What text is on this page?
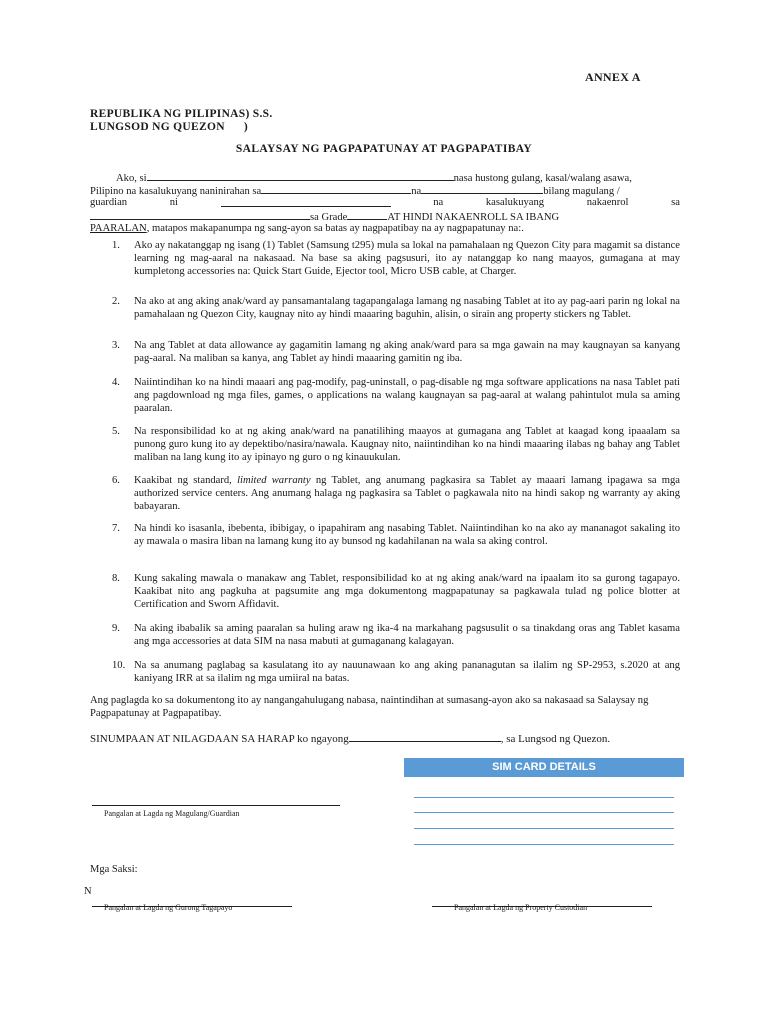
ANNEX A
REPUBLIKA NG PILIPINAS) S.S.
LUNGSOD NG QUEZON      )
SALAYSAY NG PAGPAPATUNAY AT PAGPAPATIBAY
Ako, si	nasa hustong gulang, kasal/walang asawa,
Pilipino na kasalukuyang naninirahan sa	na	bilang magulang /
guardian	ni	na	kasalukuyang	nakaenrol	sa
sa Grade	AT HINDI NAKAENROLL SA IBANG
PAARALAN, matapos makapanumpa ng sang-ayon sa batas ay nagpapatibay na ay nagpapatunay na:.
1.	Ako ay nakatanggap ng isang (1) Tablet (Samsung t295) mula sa lokal na pamahalaan ng Quezon City para magamit sa distance learning ng mag-aaral na nakasaad. Na base sa aking pagsusuri, ito ay natanggap ko nang maayos, gumagana at may kumpletong accessories na: Quick Start Guide, Ejector tool, Micro USB cable, at Charger.
2.	Na ako at ang aking anak/ward ay pansamantalang tagapangalaga lamang ng nasabing Tablet at ito ay pag-aari parin ng lokal na pamahalaan ng Quezon City, kaugnay nito ay hindi maaaring baguhin, alisin, o sirain ang property stickers ng Tablet.
3.	Na ang Tablet at data allowance ay gagamitin lamang ng aking anak/ward para sa mga gawain na may kaugnayan sa kanyang pag-aaral. Na maliban sa kanya, ang Tablet ay hindi maaaring gamitin ng iba.
4.	Naiintindihan ko na hindi maaari ang pag-modify, pag-uninstall, o pag-disable ng mga software applications na nasa Tablet pati ang pagdownload ng mga files, games, o applications na walang kaugnayan sa pag-aaral at walang pahintulot mula sa aming paaralan.
5.	Na responsibilidad ko at ng aking anak/ward na panatilihing maayos at gumagana ang Tablet at kaagad kong ipaaalam sa punong guro kung ito ay depektibo/nasira/nawala. Kaugnay nito, naiintindihan ko na hindi maaaring ilabas ng bahay ang Tablet maliban na lang kung ito ay ipinayo ng guro o ng kinauukulan.
6.	Kaakibat ng standard, limited warranty ng Tablet, ang anumang pagkasira sa Tablet ay maaari lamang ipagawa sa mga authorized service centers. Ang anumang halaga ng pagkasira sa Tablet o pagkawala nito na hindi sakop ng warranty ay aking babayaran.
7.	Na hindi ko isasanla, ibebenta, ibibigay, o ipapahiram ang nasabing Tablet. Naiintindihan ko na ako ay mananagot sakaling ito ay mawala o masira liban na lamang kung ito ay bunsod ng kadahilanan na wala sa aking control.
8.	Kung sakaling mawala o manakaw ang Tablet, responsibilidad ko at ng aking anak/ward na ipaalam ito sa gurong tagapayo. Kaakibat nito ang pagkuha at pagsumite ang mga dokumentong magpapatunay sa pagkawala tulad ng police blotter at Certification and Sworn Affidavit.
9.	Na aking ibabalik sa aming paaralan sa huling araw ng ika-4 na markahang pagsusulit o sa tinakdang oras ang Tablet kasama ang mga accessories at data SIM na nasa mabuti at gumaganang kalagayan.
10. Na sa anumang paglabag sa kasulatang ito ay nauunawaan ko ang aking pananagutan sa ilalim ng SP-2953, s.2020 at ang kaniyang IRR at sa ilalim ng mga umiiral na batas.
Ang paglagda ko sa dokumentong ito ay nangangahulugang nabasa, naintindihan at sumasang-ayon ako sa nakasaad sa Salaysay ng Pagpapatunay at Pagpapatibay.
SINUMPAAN AT NILAGDAAN SA HARAP ko ngayong	, sa Lungsod ng Quezon.
SIM CARD DETAILS
Pangalan at Lagda ng Magulang/Guardian
Mga Saksi:
N
Pangalan at Lagda ng Gurong Tagapayo	Pangalan at Lagda ng Property Custodian
